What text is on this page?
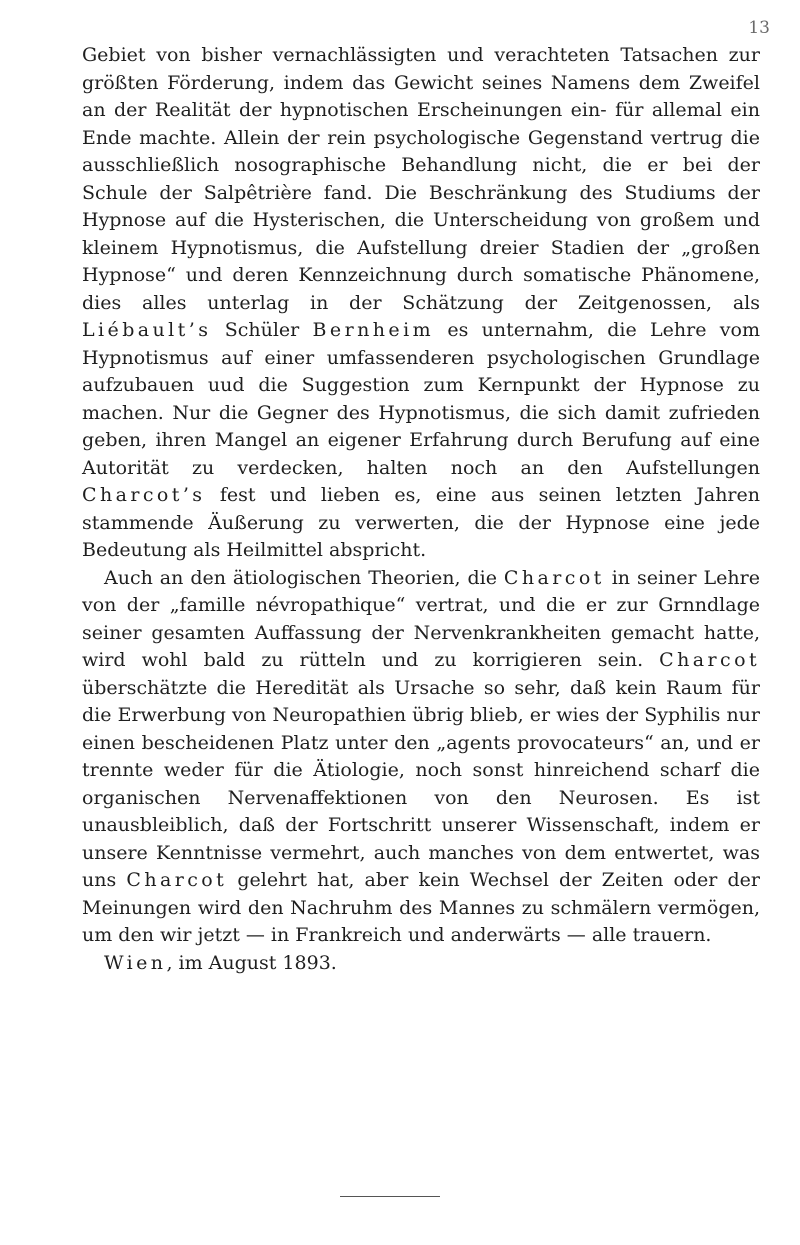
13

Gebiet von bisher vernachlässigten und verachteten Tatsachen zur größten Förderung, indem das Gewicht seines Namens dem Zweifel an der Realität der hypnotischen Erscheinungen ein- für allemal ein Ende machte. Allein der rein psychologische Gegenstand vertrug die ausschließlich nosographische Behandlung nicht, die er bei der Schule der Salpêtrière fand. Die Beschränkung des Studiums der Hypnose auf die Hysterischen, die Unterscheidung von großem und kleinem Hypnotismus, die Aufstellung dreier Stadien der „großen Hypnose“ und deren Kennzeichnung durch somatische Phänomene, dies alles unterlag in der Schätzung der Zeitgenossen, als Liébault’s Schüler Bernheim es unternahm, die Lehre vom Hypnotismus auf einer umfassenderen psychologischen Grundlage aufzubauen uud die Suggestion zum Kernpunkt der Hypnose zu machen. Nur die Gegner des Hypnotismus, die sich damit zufrieden geben, ihren Mangel an eigener Erfahrung durch Berufung auf eine Autorität zu verdecken, halten noch an den Aufstellungen Charcot’s fest und lieben es, eine aus seinen letzten Jahren stammende Äußerung zu verwerten, die der Hypnose eine jede Bedeutung als Heilmittel abspricht.

Auch an den ätiologischen Theorien, die Charcot in seiner Lehre von der „famille névropathique“ vertrat, und die er zur Grnndlage seiner gesamten Auffassung der Nervenkrankheiten gemacht hatte, wird wohl bald zu rütteln und zu korrigieren sein. Charcot überschätzte die Heredität als Ursache so sehr, daß kein Raum für die Erwerbung von Neuropathien übrig blieb, er wies der Syphilis nur einen bescheidenen Platz unter den „agents provocateurs“ an, und er trennte weder für die Ätiologie, noch sonst hinreichend scharf die organischen Nervenaffektionen von den Neurosen. Es ist unausbleiblich, daß der Fortschritt unserer Wissenschaft, indem er unsere Kenntnisse vermehrt, auch manches von dem entwertet, was uns Charcot gelehrt hat, aber kein Wechsel der Zeiten oder der Meinungen wird den Nachruhm des Mannes zu schmälern vermögen, um den wir jetzt — in Frankreich und anderwärts — alle trauern.

Wien, im August 1893.
